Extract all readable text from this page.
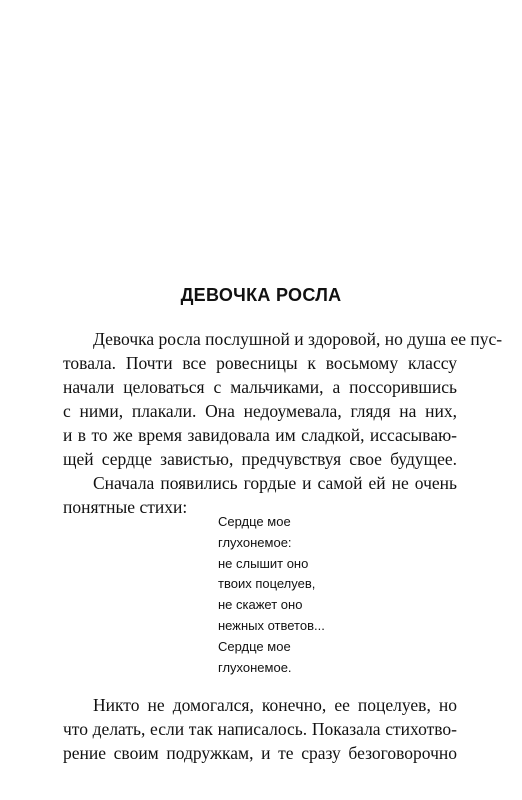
ДЕВОЧКА РОСЛА
Девочка росла послушной и здоровой, но душа ее пус-
товала. Почти все ровесницы к восьмому классу
начали целоваться с мальчиками, а поссорившись
с ними, плакали. Она недоумевала, глядя на них,
и в то же время завидовала им сладкой, иссасываю-
щей сердце завистью, предчувствуя свое будущее.
Сначала появились гордые и самой ей не очень
понятные стихи:
Сердце мое
глухонемое:
не слышит оно
твоих поцелуев,
не скажет оно
нежных ответов...
Сердце мое
глухонемое.
Никто не домогался, конечно, ее поцелуев, но
что делать, если так написалось. Показала стихотво-
рение своим подружкам, и те сразу безоговорочно
